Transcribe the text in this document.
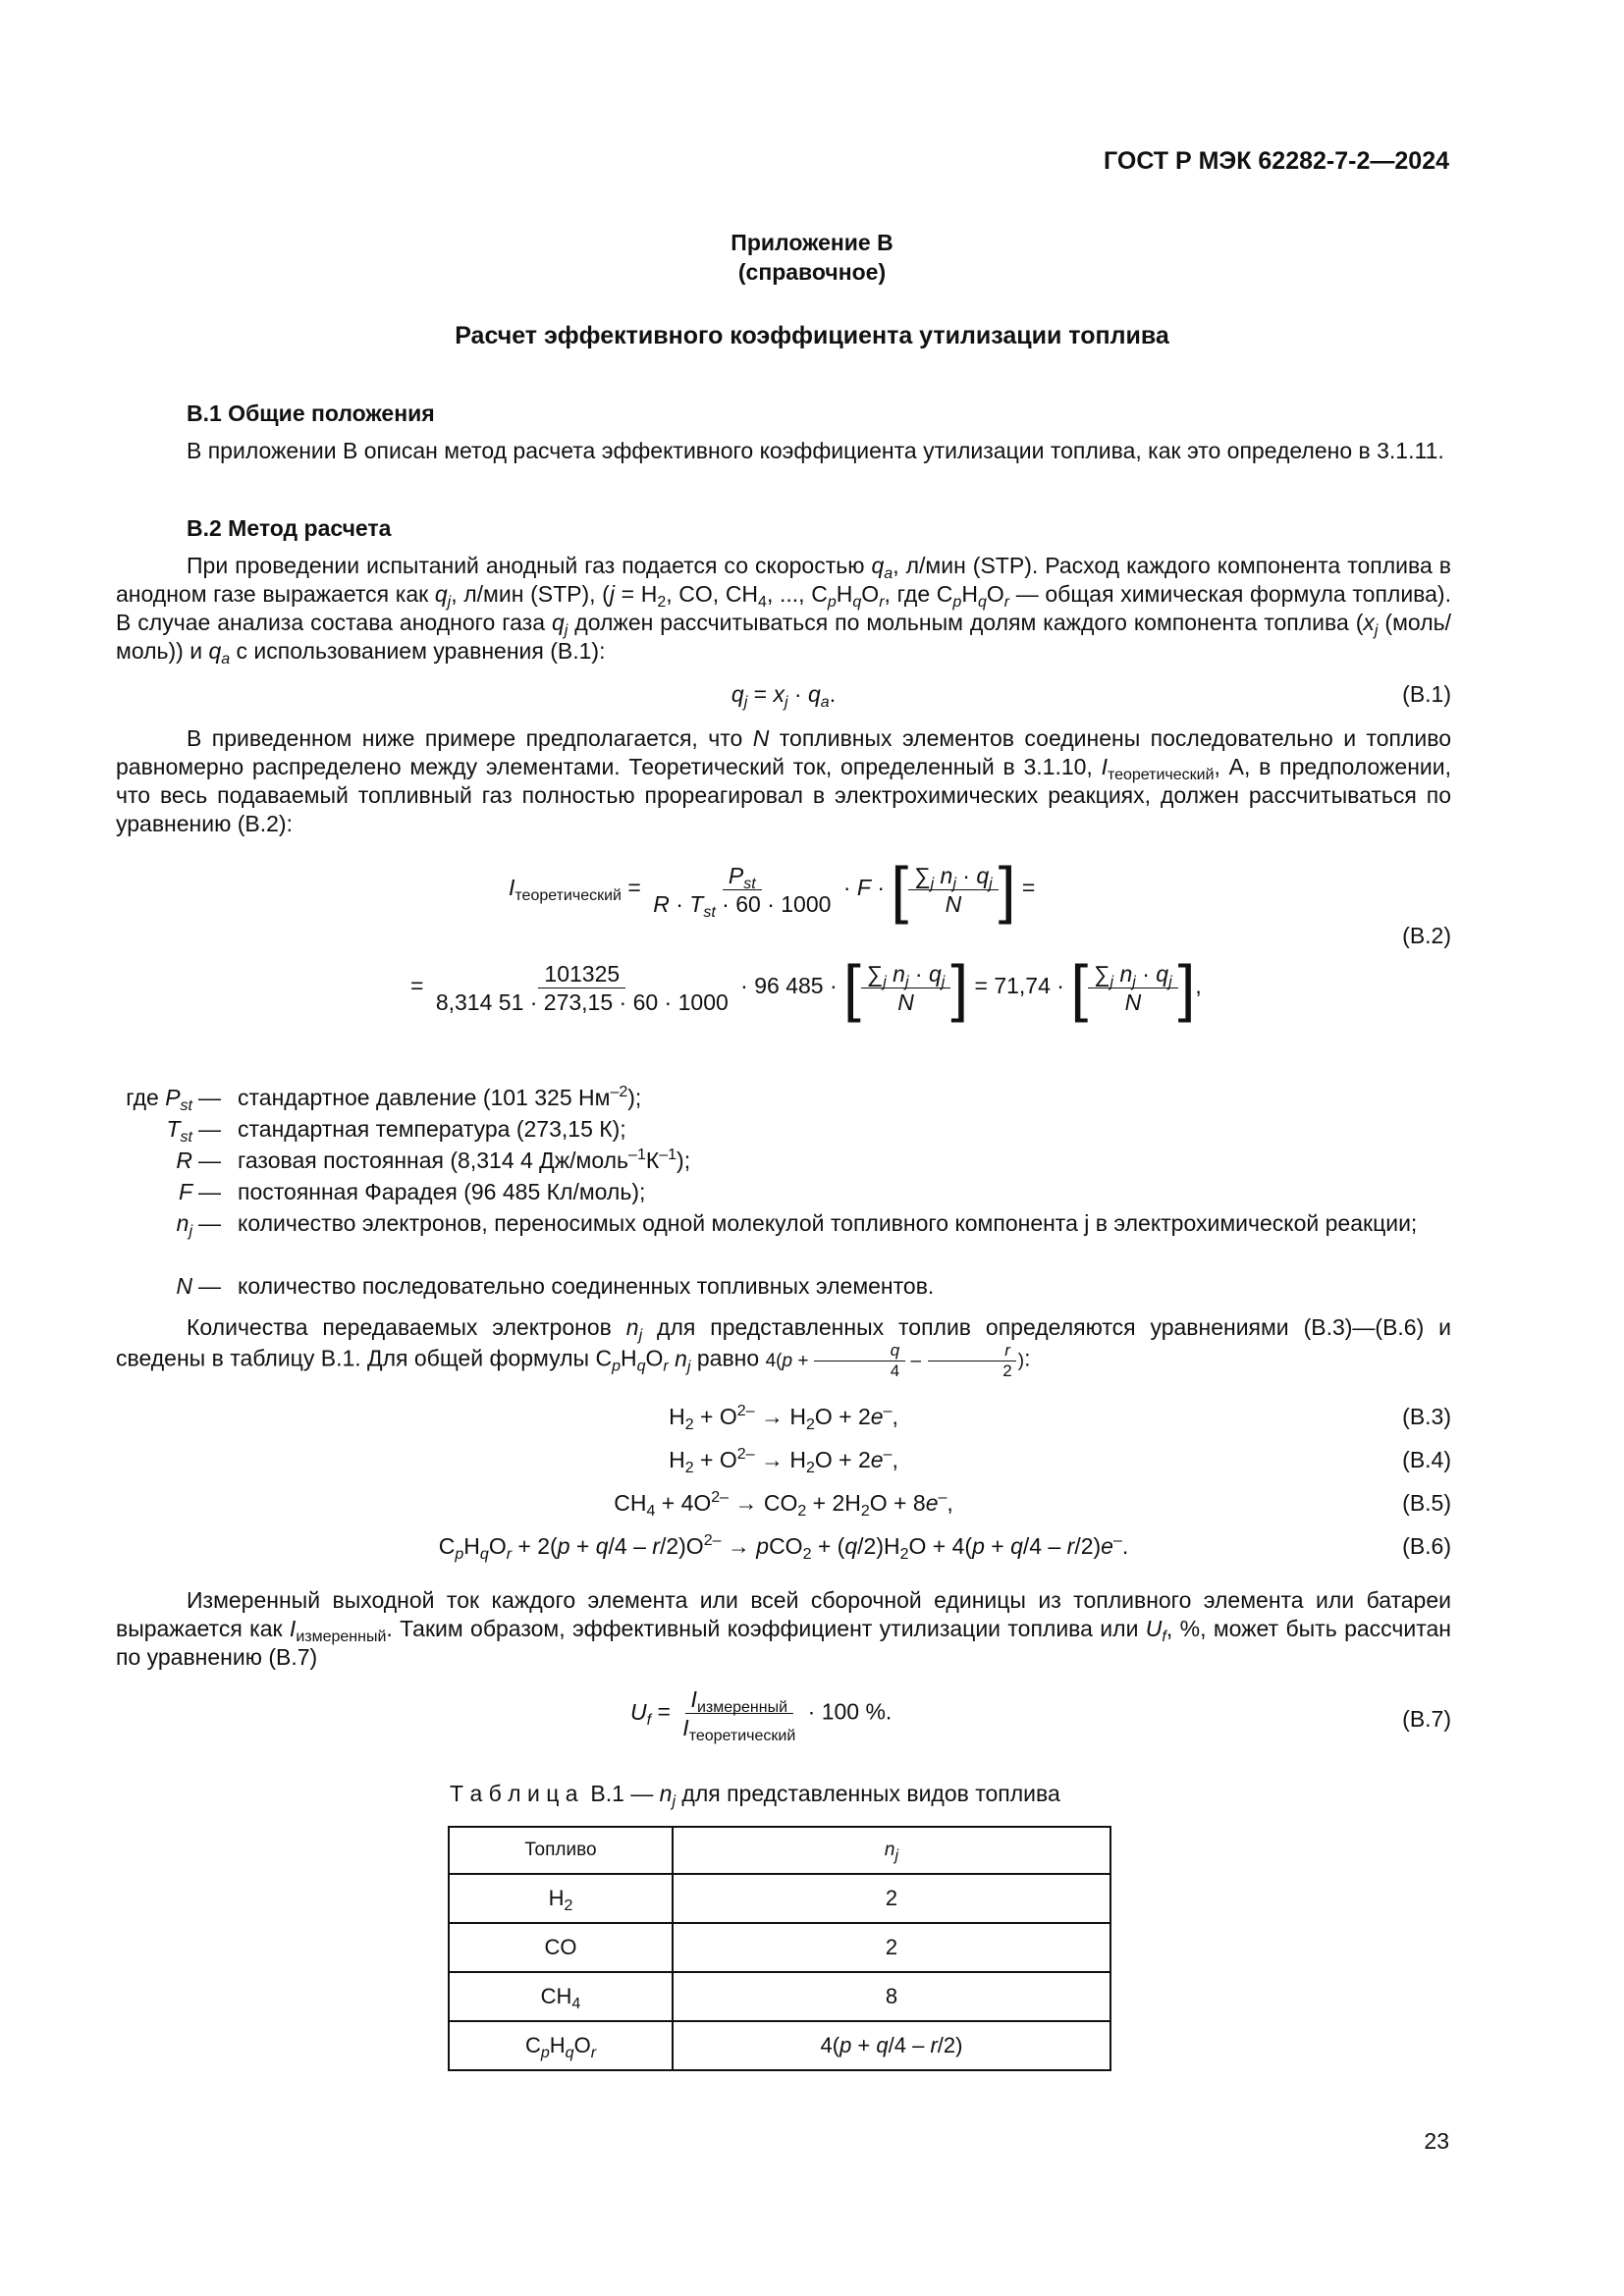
ГОСТ Р МЭК 62282-7-2—2024
Приложение В
(справочное)
Расчет эффективного коэффициента утилизации топлива
В.1 Общие положения
В приложении В описан метод расчета эффективного коэффициента утилизации топлива, как это определено в 3.1.11.
В.2 Метод расчета
При проведении испытаний анодный газ подается со скоростью $q_a$, л/мин (STP). Расход каждого компонента топлива в анодном газе выражается как $q_j$, л/мин (STP), ($j = H_2$, CO, $CH_4$, ..., $C_pH_qO_r$, где $C_pH_qO_r$ — общая химическая формула топлива). В случае анализа состава анодного газа $q_j$ должен рассчитываться по мольным долям каждого компонента топлива ($x_j$ (моль/моль)) и $q_a$ с использованием уравнения (В.1):
$q_j = x_j \cdot q_a$.	(В.1)
В приведенном ниже примере предполагается, что N топливных элементов соединены последовательно и топливо равномерно распределено между элементами. Теоретический ток, определенный в 3.1.10, $I_{теоретический}$, А, в предположении, что весь подаваемый топливный газ полностью прореагировал в электрохимических реакциях, должен рассчитываться по уравнению (В.2):
$I_{теоретический} = \frac{P_{st}}{R \cdot T_{st} \cdot 60 \cdot 1000} \cdot F$ · [ $\frac{\sum_j n_j \cdot q_j}{N}$ ] =
(В.2)
= $\frac{101325}{8,314 51 \cdot 273,15 \cdot 60 \cdot 1000} \cdot 96$ 485 · [ $\frac{\sum_j n_j \cdot q_j}{N}$ ] = 71,74 · [ $\frac{\sum_j n_j \cdot q_j}{N}$ ],
где $P_{st}$ — стандартное давление (101 325 $Нм^{-2}$);
$T_{st}$ — стандартная температура (273,15 К);
R — газовая постоянная (8,314 4 $Дж/моль^{-1}К^{-1}$);
F — постоянная Фарадея (96 485 Кл/моль);
$n_j$ — количество электронов, переносимых одной молекулой топливного компонента j в электрохимической реакции;
N — количество последовательно соединенных топливных элементов.
Количества передаваемых электронов $n_j$ для представленных топлив определяются уравнениями (В.3)—(В.6) и сведены в таблицу В.1. Для общей формулы $C_pH_qO_r$ $n_j$ равно $4(p + \frac{q}{4} - \frac{r}{2}$ ):
$H_2 + O^{2-} \to H_2O + 2e^-$,	(В.3)
$H_2 + O^{2-} \to H_2O + 2e^-$,	(В.4)
$CH_4 + 4O^{2-} \to CO_2 + 2H_2O + 8e^-$,	(В.5)
$C_pH_qO_r + 2(p + q/4 - r/2)O^{2-} \to pCO_2 + (q/2)H_2O + 4(p + q/4 - r/2)e^-$.	(В.6)
Измеренный выходной ток каждого элемента или всей сборочной единицы из топливного элемента или батареи выражается как $I_{измеренный}$. Таким образом, эффективный коэффициент утилизации топлива или $U_f$, %, может быть рассчитан по уравнению (В.7)
$U_f = \frac{I_{измеренный}}{I_{теоретический}} \cdot 100$ %.	(В.7)
Т а б л и ц а  В.1 — $n_j$ для представленных видов топлива
Топливо	$n_j$
$H_2$	2
CO	2
$CH_4$	8
$C_pH_qO_r$	4(p + q/4 – r/2)
23
